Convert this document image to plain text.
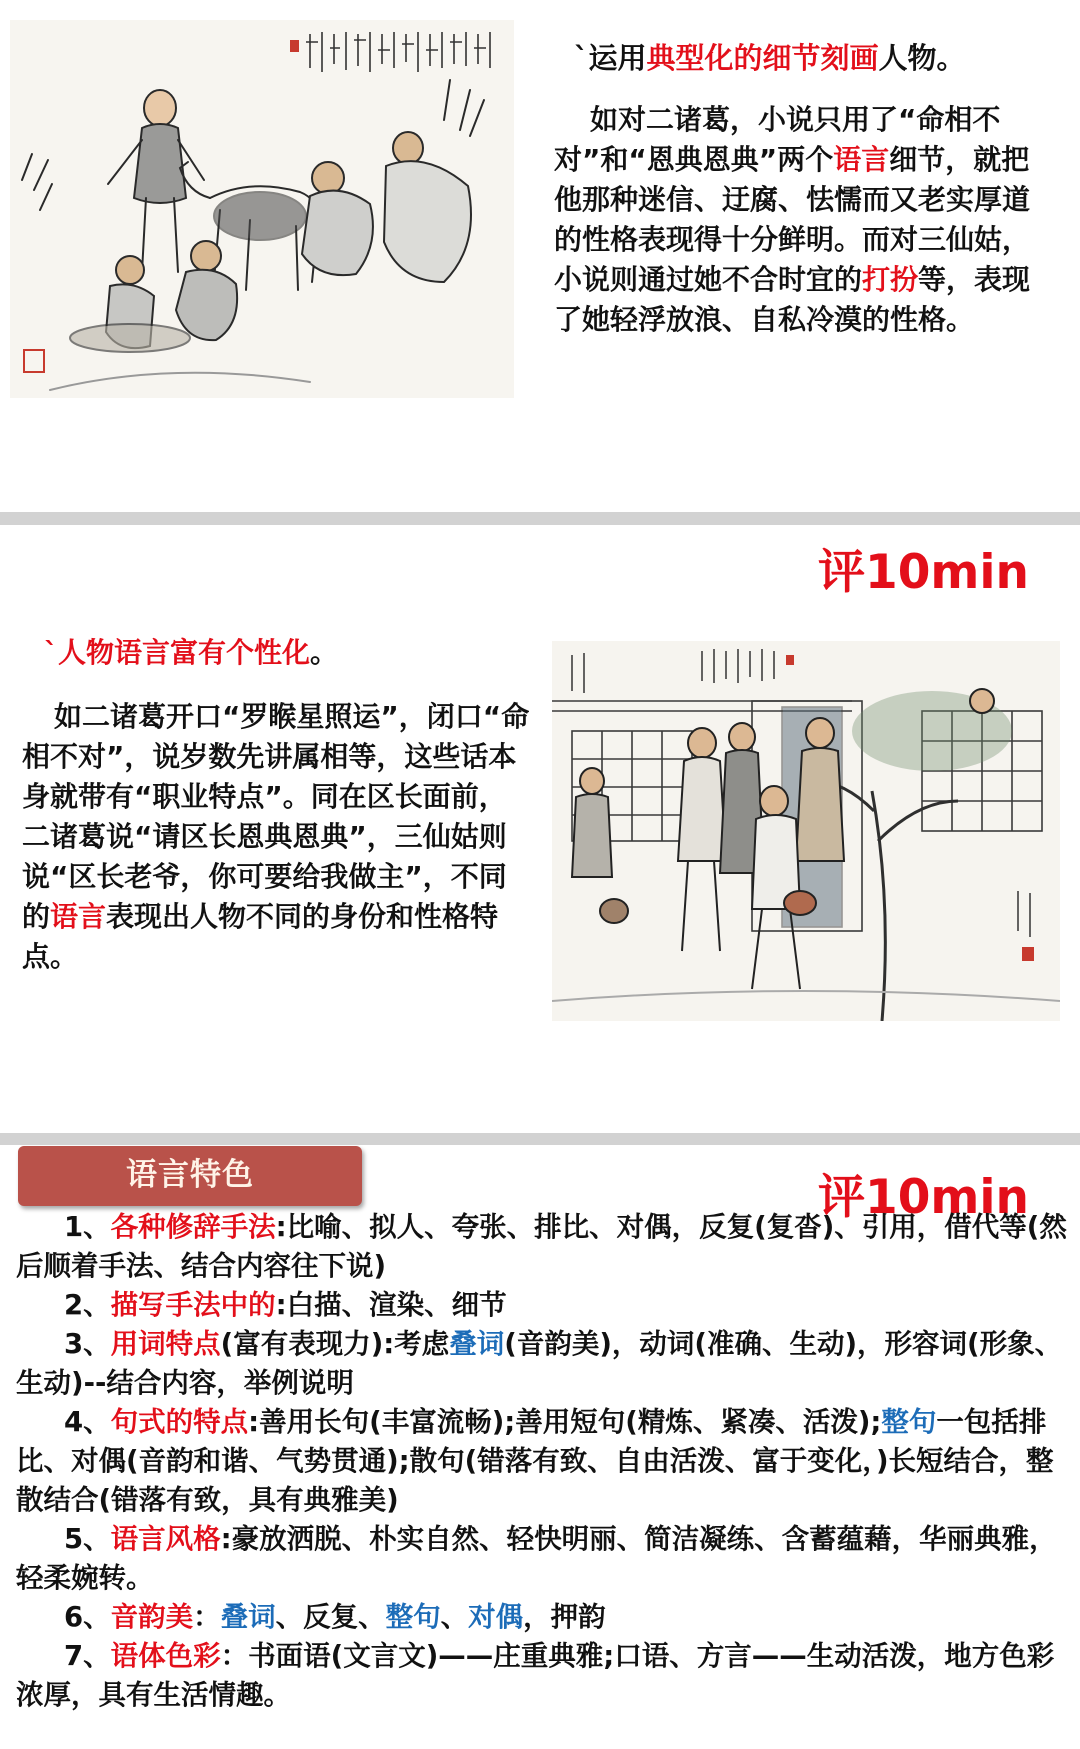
`运用典型化的细节刻画人物。

如对二诸葛，小说只用了“命相不对”和“恩典恩典”两个语言细节，就把他那种迷信、迂腐、怯懦而又老实厚道的性格表现得十分鲜明。而对三仙姑，小说则通过她不合时宜的打扮等，表现了她轻浮放浪、自私冷漠的性格。

评10min
`人物语言富有个性化。

如二诸葛开口“罗睺星照运”，闭口“命相不对”，说岁数先讲属相等，这些话本身就带有“职业特点”。同在区长面前，二诸葛说“请区长恩典恩典”，三仙姑则说“区长老爷，你可要给我做主”，不同的语言表现出人物不同的身份和性格特点。

语言特色	评10min

1、各种修辞手法:比喻、拟人、夸张、排比、对偶，反复(复沓)、引用，借代等(然后顺着手法、结合内容往下说)

2、描写手法中的:白描、渲染、细节

3、用词特点(富有表现力):考虑叠词(音韵美)，动词(准确、生动)，形容词(形象、生动)--结合内容，举例说明

4、句式的特点:善用长句(丰富流畅);善用短句(精炼、紧凑、活泼);整句一包括排比、对偶(音韵和谐、气势贯通);散句(错落有致、自由活泼、富于变化，)长短结合，整散结合(错落有致，具有典雅美)

5、语言风格:豪放洒脱、朴实自然、轻快明丽、简洁凝练、含蓄蕴藉，华丽典雅，轻柔婉转。

6、音韵美：叠词、反复、整句、对偶，押韵

7、语体色彩：书面语(文言文)——庄重典雅;口语、方言——生动活泼，地方色彩浓厚，具有生活情趣。
